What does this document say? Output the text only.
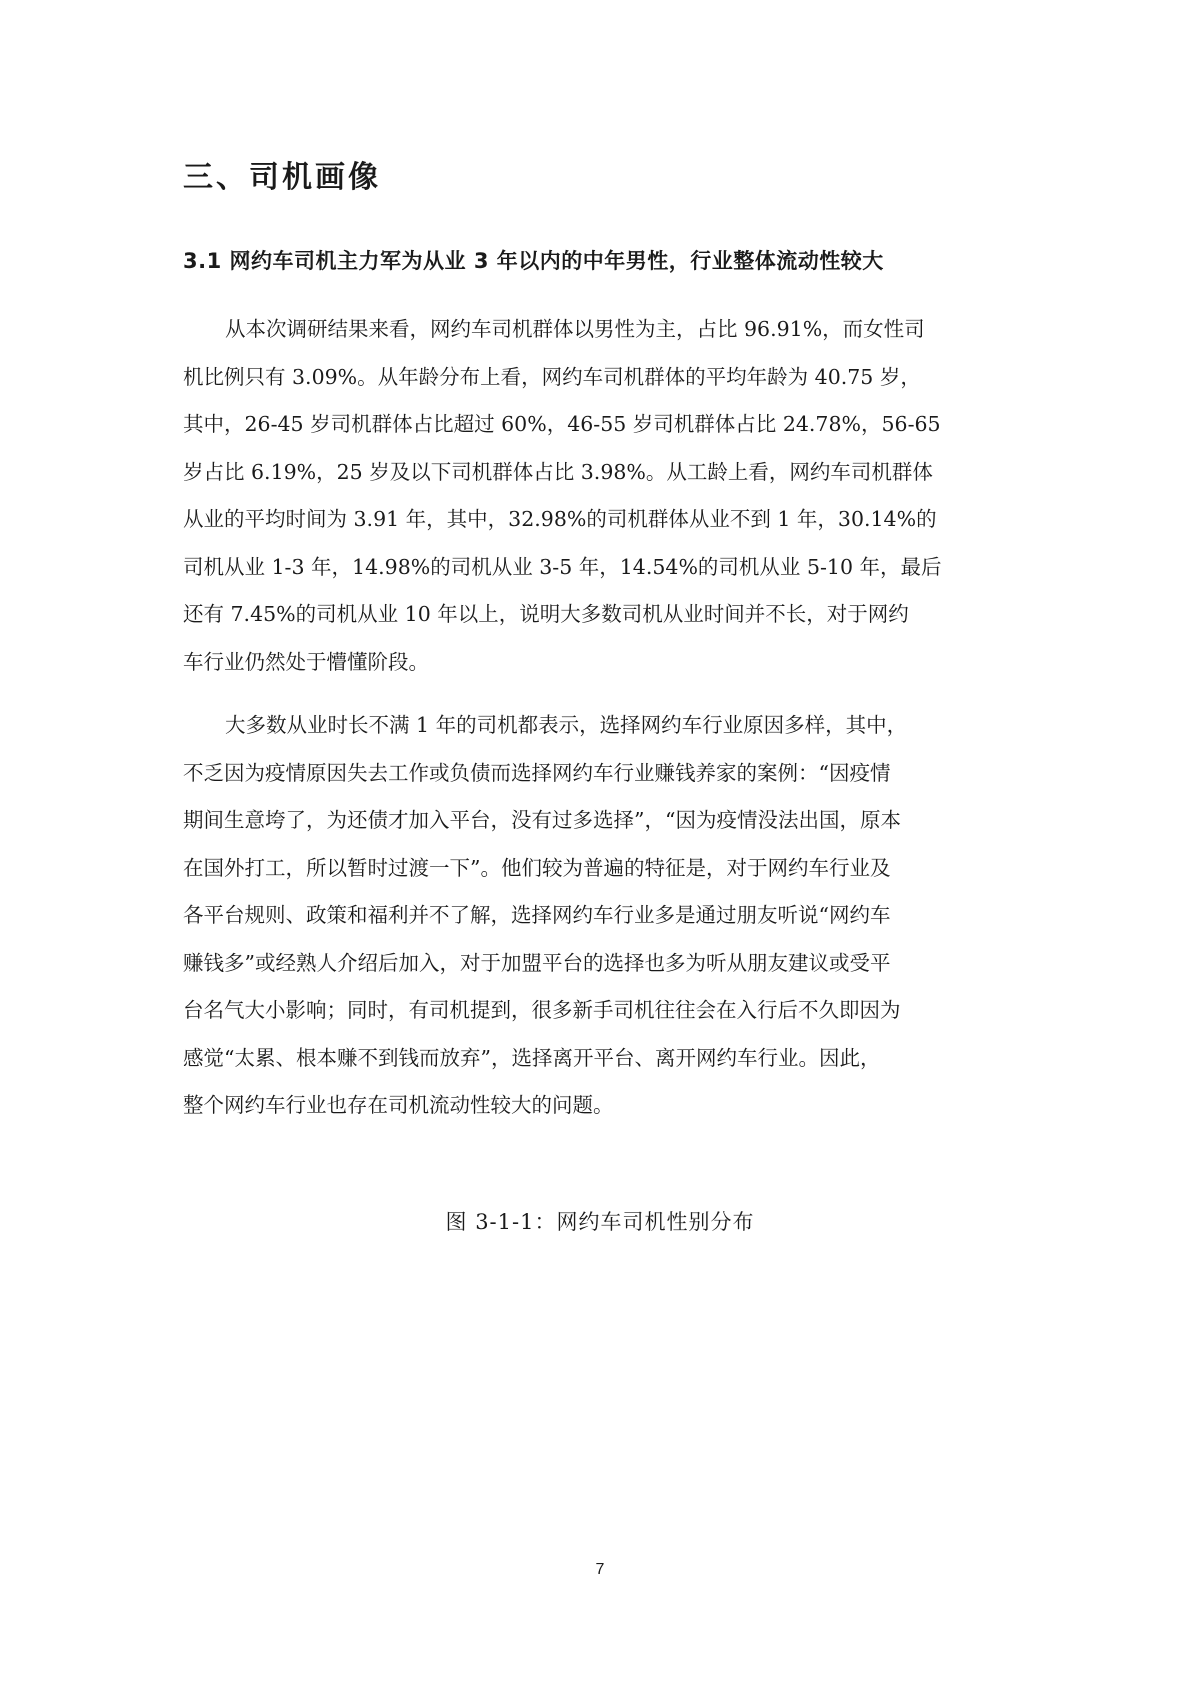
三、司机画像
3.1 网约车司机主力军为从业 3 年以内的中年男性，行业整体流动性较大
从本次调研结果来看，网约车司机群体以男性为主，占比 96.91%，而女性司
机比例只有 3.09%。从年龄分布上看，网约车司机群体的平均年龄为 40.75 岁，
其中，26-45 岁司机群体占比超过 60%，46-55 岁司机群体占比 24.78%，56-65
岁占比 6.19%，25 岁及以下司机群体占比 3.98%。从工龄上看，网约车司机群体
从业的平均时间为 3.91 年，其中，32.98%的司机群体从业不到 1 年，30.14%的
司机从业 1-3 年，14.98%的司机从业 3-5 年，14.54%的司机从业 5-10 年，最后
还有 7.45%的司机从业 10 年以上，说明大多数司机从业时间并不长，对于网约
车行业仍然处于懵懂阶段。
大多数从业时长不满 1 年的司机都表示，选择网约车行业原因多样，其中，
不乏因为疫情原因失去工作或负债而选择网约车行业赚钱养家的案例：“因疫情
期间生意垮了，为还债才加入平台，没有过多选择”，“因为疫情没法出国，原本
在国外打工，所以暂时过渡一下”。他们较为普遍的特征是，对于网约车行业及
各平台规则、政策和福利并不了解，选择网约车行业多是通过朋友听说“网约车
赚钱多”或经熟人介绍后加入，对于加盟平台的选择也多为听从朋友建议或受平
台名气大小影响；同时，有司机提到，很多新手司机往往会在入行后不久即因为
感觉“太累、根本赚不到钱而放弃”，选择离开平台、离开网约车行业。因此，
整个网约车行业也存在司机流动性较大的问题。

图 3-1-1：网约车司机性别分布

7
